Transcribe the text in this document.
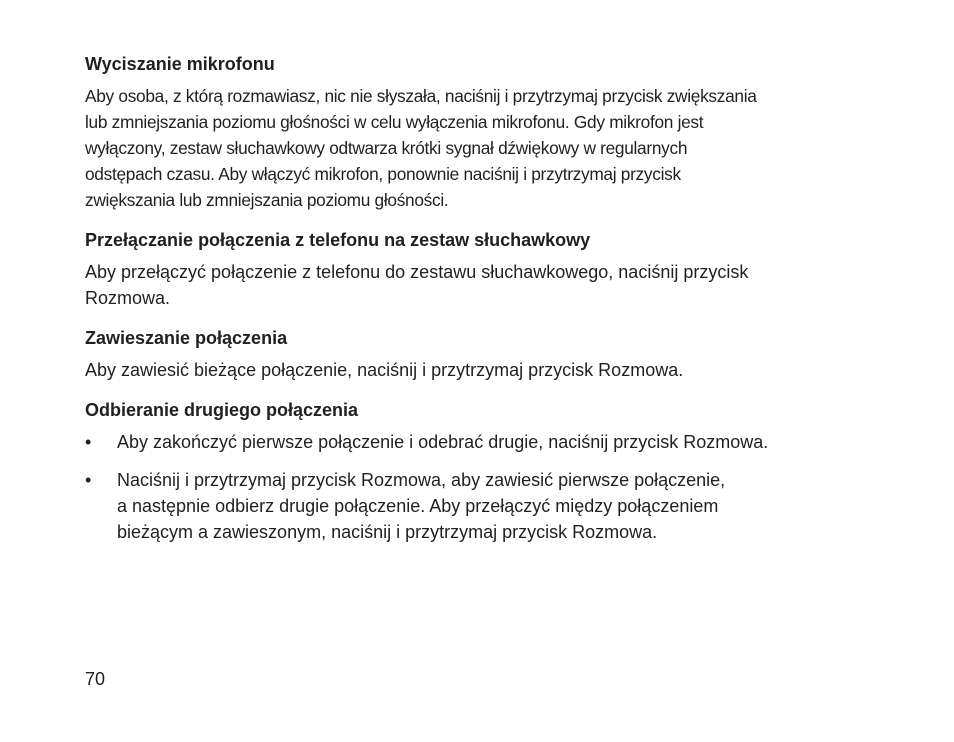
Wyciszanie mikrofonu
Aby osoba, z którą rozmawiasz, nic nie słyszała, naciśnij i przytrzymaj przycisk zwiększania
lub zmniejszania poziomu głośności w celu wyłączenia mikrofonu. Gdy mikrofon jest
wyłączony, zestaw słuchawkowy odtwarza krótki sygnał dźwiękowy w regularnych
odstępach czasu. Aby włączyć mikrofon, ponownie naciśnij i przytrzymaj przycisk
zwiększania lub zmniejszania poziomu głośności.
Przełączanie połączenia z telefonu na zestaw słuchawkowy
Aby przełączyć połączenie z telefonu do zestawu słuchawkowego, naciśnij przycisk
Rozmowa.
Zawieszanie połączenia
Aby zawiesić bieżące połączenie, naciśnij i przytrzymaj przycisk Rozmowa.
Odbieranie drugiego połączenia
• Aby zakończyć pierwsze połączenie i odebrać drugie, naciśnij przycisk Rozmowa.
• Naciśnij i przytrzymaj przycisk Rozmowa, aby zawiesić pierwsze połączenie,
a następnie odbierz drugie połączenie. Aby przełączyć między połączeniem
bieżącym a zawieszonym, naciśnij i przytrzymaj przycisk Rozmowa.
70
